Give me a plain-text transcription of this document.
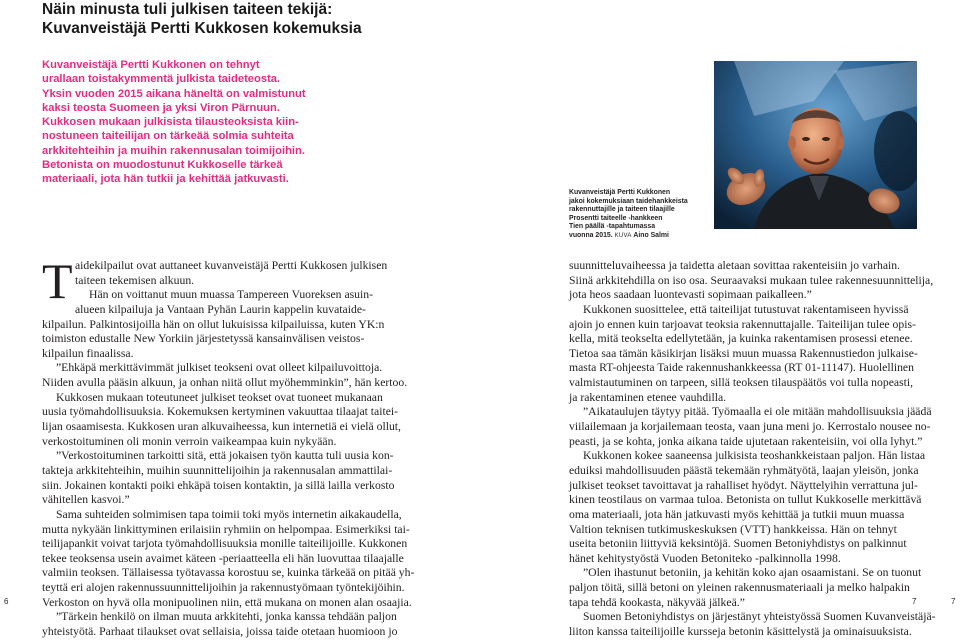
Näin minusta tuli julkisen taiteen tekijä:
Kuvanveistäjä Pertti Kukkosen kokemuksia
Kuvanveistäjä Pertti Kukkonen on tehnyt
urallaan toistakymmentä julkista taideteosta.
Yksin vuoden 2015 aikana häneltä on valmistunut
kaksi teosta Suomeen ja yksi Viron Pärnuun.
Kukkosen mukaan julkisista tilausteoksista kiin-
nostuneen taiteilijan on tärkeää solmia suhteita
arkkitehteihin ja muihin rakennusalan toimijoihin.
Betonista on muodostunut Kukkoselle tärkeä
materiaali, jota hän tutkii ja kehittää jatkuvasti.
Kuvanveistäjä Pertti Kukkonen
jakoi kokemuksiaan taidehankkeista
rakennuttajille ja taiteen tilaajille
Prosentti taiteelle -hankkeen
Tien päällä -tapahtumassa
vuonna 2015. KUVA Aino Salmi
T aidekilpailut ovat auttaneet kuvanveistäjä Pertti Kukkosen julkisen
taiteen tekemisen alkuun.
Hän on voittanut muun muassa Tampereen Vuoreksen asuin-
alueen kilpailuja ja Vantaan Pyhän Laurin kappelin kuvataide-
kilpailun. Palkintosijoilla hän on ollut lukuisissa kilpailuissa, kuten YK:n
toimiston edustalle New Yorkiin järjestetyssä kansainvälisen veistos-
kilpailun finaalissa.
”Ehkäpä merkittävimmät julkiset teokseni ovat olleet kilpailuvoittoja.
Niiden avulla pääsin alkuun, ja onhan niitä ollut myöhemminkin”, hän kertoo.
Kukkosen mukaan toteutuneet julkiset teokset ovat tuoneet mukanaan
uusia työmahdollisuuksia. Kokemuksen kertyminen vakuuttaa tilaajat taitei-
lijan osaamisesta. Kukkosen uran alkuvaiheessa, kun internetiä ei vielä ollut,
verkostoituminen oli monin verroin vaikeampaa kuin nykyään.
”Verkostoituminen tarkoitti sitä, että jokaisen työn kautta tuli uusia kon-
takteja arkkitehteihin, muihin suunnittelijoihin ja rakennusalan ammattilai-
siin. Jokainen kontakti poiki ehkäpä toisen kontaktin, ja sillä lailla verkosto
vähitellen kasvoi.”
Sama suhteiden solmimisen tapa toimii toki myös internetin aikakaudella,
mutta nykyään linkittyminen erilaisiin ryhmiin on helpompaa. Esimerkiksi tai-
teilijapankit voivat tarjota työmahdollisuuksia monille taiteilijoille. Kukkonen
tekee teoksensa usein avaimet käteen -periaatteella eli hän luovuttaa tilaajalle
valmiin teoksen. Tällaisessa työtavassa korostuu se, kuinka tärkeää on pitää yh-
teyttä eri alojen rakennussuunnittelijoihin ja rakennustyömaan työntekijöihin.
Verkoston on hyvä olla monipuolinen niin, että mukana on monen alan osaajia.
”Tärkein henkilö on ilman muuta arkkitehti, jonka kanssa tehdään paljon
yhteistyötä. Parhaat tilaukset ovat sellaisia, joissa taide otetaan huomioon jo
suunnitteluvaiheessa ja taidetta aletaan sovittaa rakenteisiin jo varhain.
Siinä arkkitehdilla on iso osa. Seuraavaksi mukaan tulee rakennesuunnittelija,
jota heos saadaan luontevasti sopimaan paikalleen.”
Kukkonen suosittelee, että taiteilijat tutustuvat rakentamiseen hyvissä
ajoin jo ennen kuin tarjoavat teoksia rakennuttajalle. Taiteilijan tulee opis-
kella, mitä teokselta edellytetään, ja kuinka rakentamisen prosessi etenee.
Tietoa saa tämän käsikirjan lisäksi muun muassa Rakennustiedon julkaise-
masta RT-ohjeesta Taide rakennushankkeessa (RT 01-11147). Huolellinen
valmistautuminen on tarpeen, sillä teoksen tilauspäätös voi tulla nopeasti,
ja rakentaminen etenee vauhdilla.
”Aikataulujen täytyy pitää. Työmaalla ei ole mitään mahdollisuuksia jäädä
viilailemaan ja korjailemaan teosta, vaan juna meni jo. Kerrostalo nousee no-
peasti, ja se kohta, jonka aikana taide ujutetaan rakenteisiin, voi olla lyhyt.”
Kukkonen kokee saaneensa julkisista teoshankkeistaan paljon. Hän listaa
eduiksi mahdollisuuden päästä tekemään ryhmätyötä, laajan yleisön, jonka
julkiset teokset tavoittavat ja rahalliset hyödyt. Näyttelyihin verrattuna jul-
kinen teostilaus on varmaa tuloa. Betonista on tullut Kukkoselle merkittävä
oma materiaali, jota hän jatkuvasti myös kehittää ja tutkii muun muassa
Valtion teknisen tutkimuskeskuksen (VTT) hankkeissa. Hän on tehnyt
useita betoniin liittyviä keksintöjä. Suomen Betoniyhdistys on palkinnut
hänet kehitystyöstä Vuoden Betoniteko -palkinnolla 1998.
”Olen ihastunut betoniin, ja kehitän koko ajan osaamistani. Se on tuonut
paljon töitä, sillä betoni on yleinen rakennusmateriaali ja melko halpakin
tapa tehdä kookasta, näkyvää jälkeä.”
Suomen Betoniyhdistys on järjestänyt yhteistyössä Suomen Kuvanveistäjä-
liiton kanssa taiteilijoille kursseja betonin käsittelystä ja ominaisuuksista.
6	7	7
